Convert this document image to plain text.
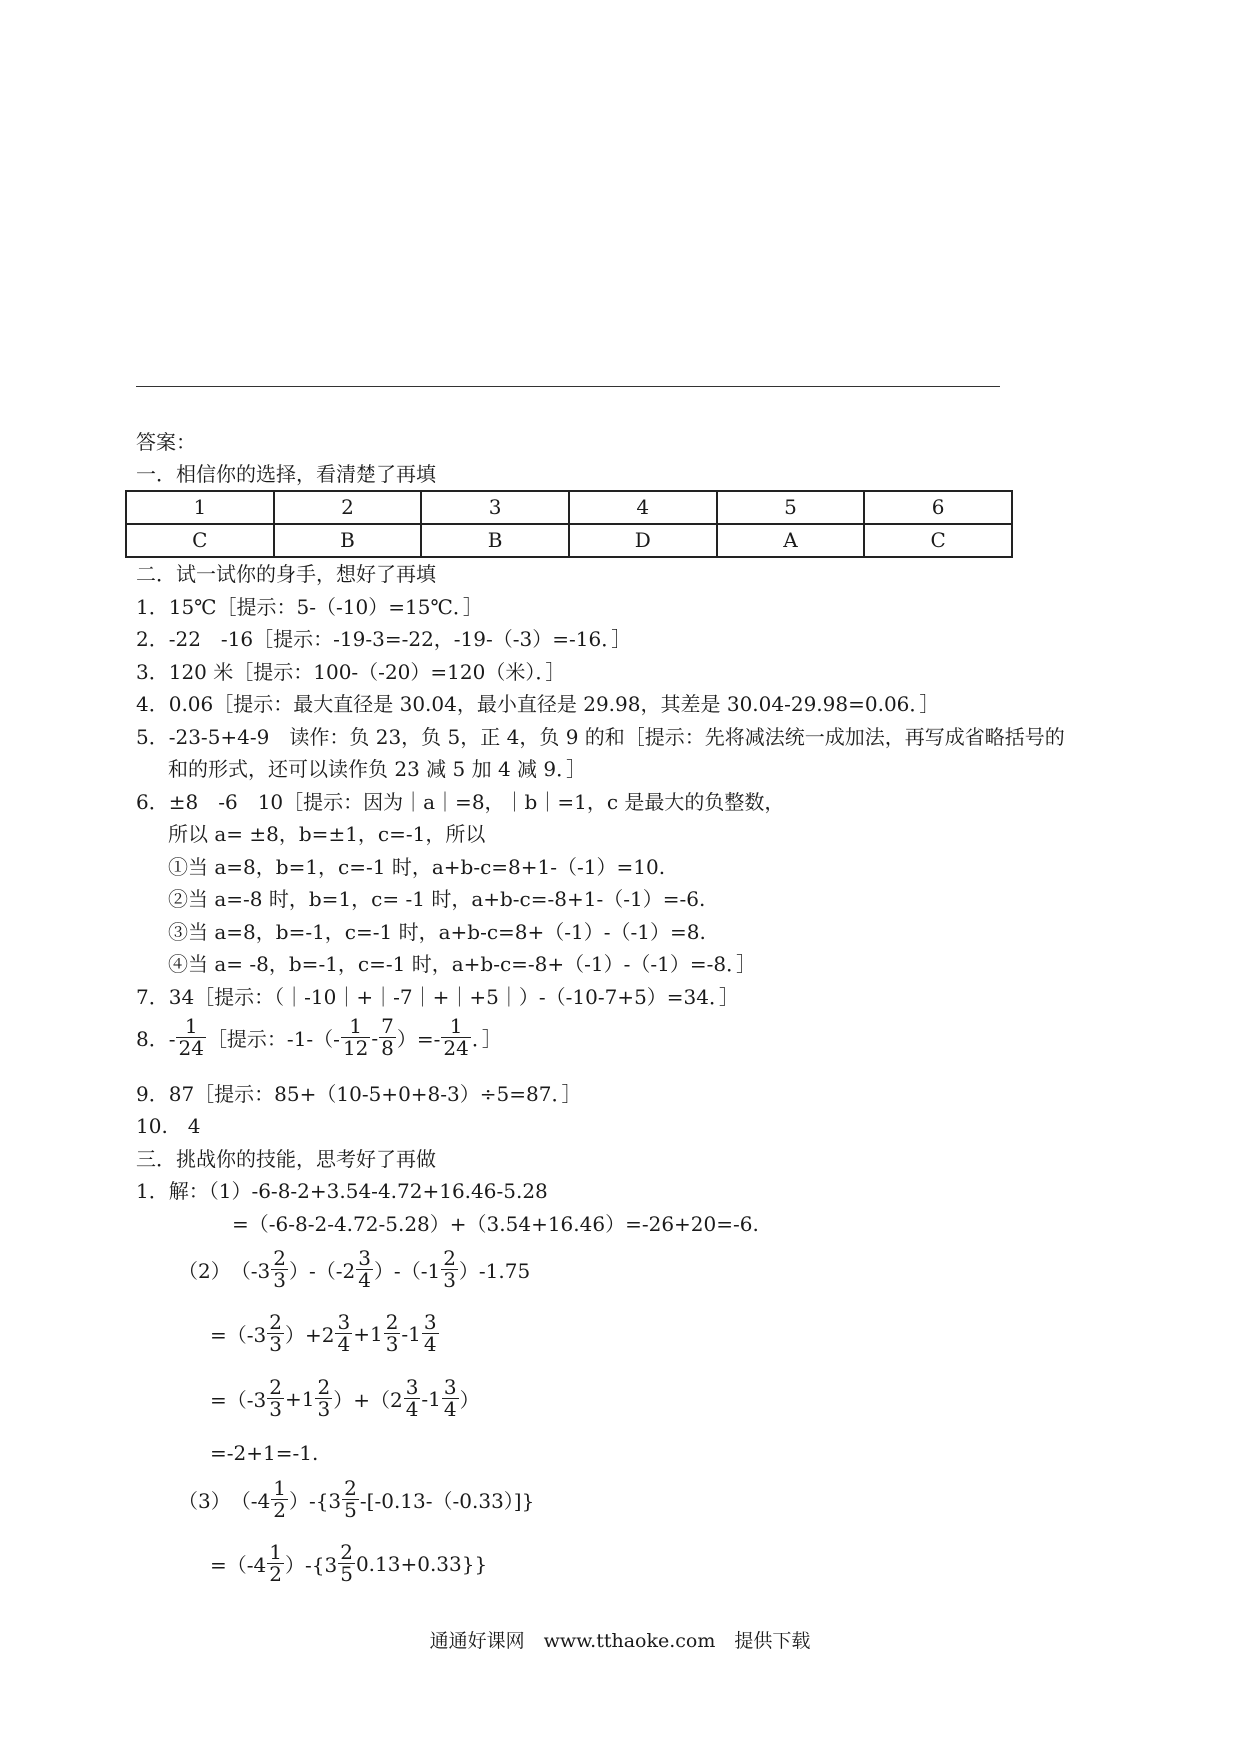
答案：
一．相信你的选择，看清楚了再填
1	2	3	4	5	6
C	B	B	D	A	C
二．试一试你的身手，想好了再填
1．15℃［提示：5-（-10）=15℃．］
2．-22　-16［提示：-19-3=-22，-19-（-3）=-16．］
3．120 米［提示：100-（-20）=120（米）．］
4．0.06［提示：最大直径是 30.04，最小直径是 29.98，其差是 30.04-29.98=0.06．］
5．-23-5+4-9　读作：负 23，负 5，正 4，负 9 的和［提示：先将减法统一成加法，再写成省略括号的
和的形式，还可以读作负 23 减 5 加 4 减 9．］
6．±8　-6　10［提示：因为｜a｜=8，｜b｜=1，c 是最大的负整数，
所以 a= ±8，b=±1，c=-1，所以
①当 a=8，b=1，c=-1 时，a+b-c=8+1-（-1）=10.
②当 a=-8 时，b=1，c= -1 时，a+b-c=-8+1-（-1）=-6.
③当 a=8，b=-1，c=-1 时，a+b-c=8+（-1）-（-1）=8.
④当 a= -8，b=-1，c=-1 时，a+b-c=-8+（-1）-（-1）=-8．］
7．34［提示：（｜-10｜+｜-7｜+｜+5｜）-（-10-7+5）=34．］
8．- $\frac{1}{24}$ ［提示：$-1-(- \frac{1}{12} - \frac{7}{8}$ ）=- $\frac{1}{24}$ ．］
9．87［提示：85+（10-5+0+8-3）÷5=87．］
10.　4
三．挑战你的技能，思考好了再做
1．解：（1）-6-8-2+3.54-4.72+16.46-5.28
=（-6-8-2-4.72-5.28）+（3.54+16.46）=-26+20=-6.
（2） $(-3 \frac{2}{3} )-(-2 \frac{3}{4} )-(-1 \frac{2}{3} )-1.75$
$=(-3 \frac{2}{3} )+2 \frac{3}{4} +1 \frac{2}{3} -1 \frac{3}{4}$
$=(-3 \frac{2}{3} +1 \frac{2}{3} )+(2 \frac{3}{4} -1 \frac{3}{4}$ ）
=-2+1=-1.
（3） $(-4 \frac{1}{2} )-\{3 \frac{2}{5} -[-0.13-(-0.33)]\}$
$=(-4 \frac{1}{2} )-\{3 \frac{2}{5} 0.13+0.33\}$}
通通好课网　www.tthaoke.com　提供下载
